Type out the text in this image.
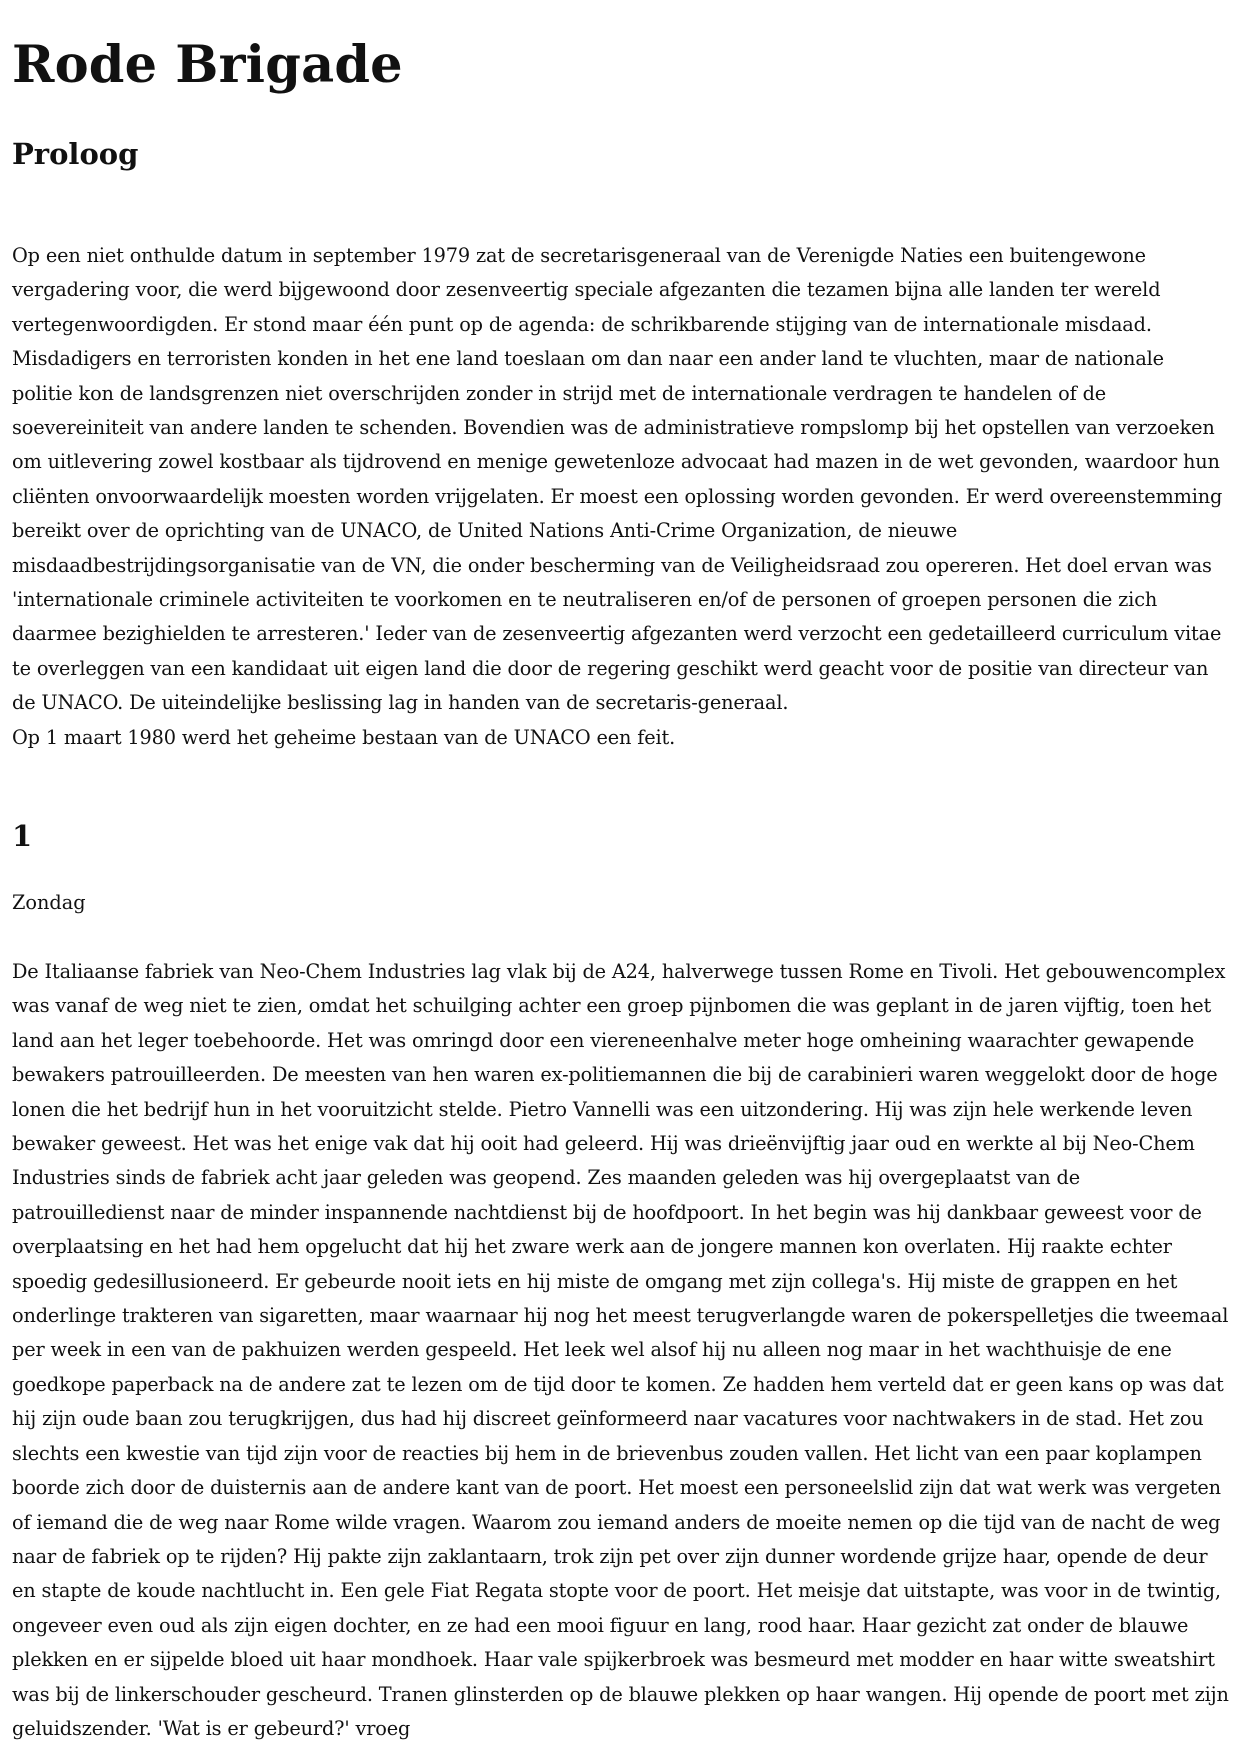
Rode Brigade
Proloog

Op een niet onthulde datum in september 1979 zat de secretarisgeneraal van de Verenigde Naties een buitengewone vergadering voor, die werd bijgewoond door zesenveertig speciale afgezanten die tezamen bijna alle landen ter wereld vertegenwoordigden. Er stond maar één punt op de agenda: de schrikbarende stijging van de internationale misdaad. Misdadigers en terroristen konden in het ene land toeslaan om dan naar een ander land te vluchten, maar de nationale politie kon de landsgrenzen niet overschrijden zonder in strijd met de internationale verdragen te handelen of de soevereiniteit van andere landen te schenden. Bovendien was de administratieve rompslomp bij het opstellen van verzoeken om uitlevering zowel kostbaar als tijdrovend en menige gewetenloze advocaat had mazen in de wet gevonden, waardoor hun cliënten onvoorwaardelijk moesten worden vrijgelaten. Er moest een oplossing worden gevonden. Er werd overeenstemming bereikt over de oprichting van de UNACO, de United Nations Anti-Crime Organization, de nieuwe misdaadbestrijdingsorganisatie van de VN, die onder bescherming van de Veiligheidsraad zou opereren. Het doel ervan was 'internationale criminele activiteiten te voorkomen en te neutraliseren en/of de personen of groepen personen die zich daarmee bezighielden te arresteren.' Ieder van de zesenveertig afgezanten werd verzocht een gedetailleerd curriculum vitae te overleggen van een kandidaat uit eigen land die door de regering geschikt werd geacht voor de positie van directeur van de UNACO. De uiteindelijke beslissing lag in handen van de secretaris-generaal.

Op 1 maart 1980 werd het geheime bestaan van de UNACO een feit.

1

Zondag

De Italiaanse fabriek van Neo-Chem Industries lag vlak bij de A24, halverwege tussen Rome en Tivoli. Het gebouwencomplex was vanaf de weg niet te zien, omdat het schuilging achter een groep pijnbomen die was geplant in de jaren vijftig, toen het land aan het leger toebehoorde. Het was omringd door een viereneenhalve meter hoge omheining waarachter gewapende bewakers patrouilleerden. De meesten van hen waren ex-politiemannen die bij de carabinieri waren weggelokt door de hoge lonen die het bedrijf hun in het vooruitzicht stelde. Pietro Vannelli was een uitzondering. Hij was zijn hele werkende leven bewaker geweest. Het was het enige vak dat hij ooit had geleerd. Hij was drieënvijftig jaar oud en werkte al bij Neo-Chem Industries sinds de fabriek acht jaar geleden was geopend. Zes maanden geleden was hij overgeplaatst van de patrouilledienst naar de minder inspannende nachtdienst bij de hoofdpoort. In het begin was hij dankbaar geweest voor de overplaatsing en het had hem opgelucht dat hij het zware werk aan de jongere mannen kon overlaten. Hij raakte echter spoedig gedesillusioneerd. Er gebeurde nooit iets en hij miste de omgang met zijn collega's. Hij miste de grappen en het onderlinge trakteren van sigaretten, maar waarnaar hij nog het meest terugverlangde waren de pokerspelletjes die tweemaal per week in een van de pakhuizen werden gespeeld. Het leek wel alsof hij nu alleen nog maar in het wachthuisje de ene goedkope paperback na de andere zat te lezen om de tijd door te komen. Ze hadden hem verteld dat er geen kans op was dat hij zijn oude baan zou terugkrijgen, dus had hij discreet geïnformeerd naar vacatures voor nachtwakers in de stad. Het zou slechts een kwestie van tijd zijn voor de reacties bij hem in de brievenbus zouden vallen. Het licht van een paar koplampen boorde zich door de duisternis aan de andere kant van de poort. Het moest een personeelslid zijn dat wat werk was vergeten of iemand die de weg naar Rome wilde vragen. Waarom zou iemand anders de moeite nemen op die tijd van de nacht de weg naar de fabriek op te rijden? Hij pakte zijn zaklantaarn, trok zijn pet over zijn dunner wordende grijze haar, opende de deur en stapte de koude nachtlucht in. Een gele Fiat Regata stopte voor de poort. Het meisje dat uitstapte, was voor in de twintig, ongeveer even oud als zijn eigen dochter, en ze had een mooi figuur en lang, rood haar. Haar gezicht zat onder de blauwe plekken en er sijpelde bloed uit haar mondhoek. Haar vale spijkerbroek was besmeurd met modder en haar witte sweatshirt was bij de linkerschouder gescheurd. Tranen glinsterden op de blauwe plekken op haar wangen. Hij opende de poort met zijn geluidszender. 'Wat is er gebeurd?' vroeg
